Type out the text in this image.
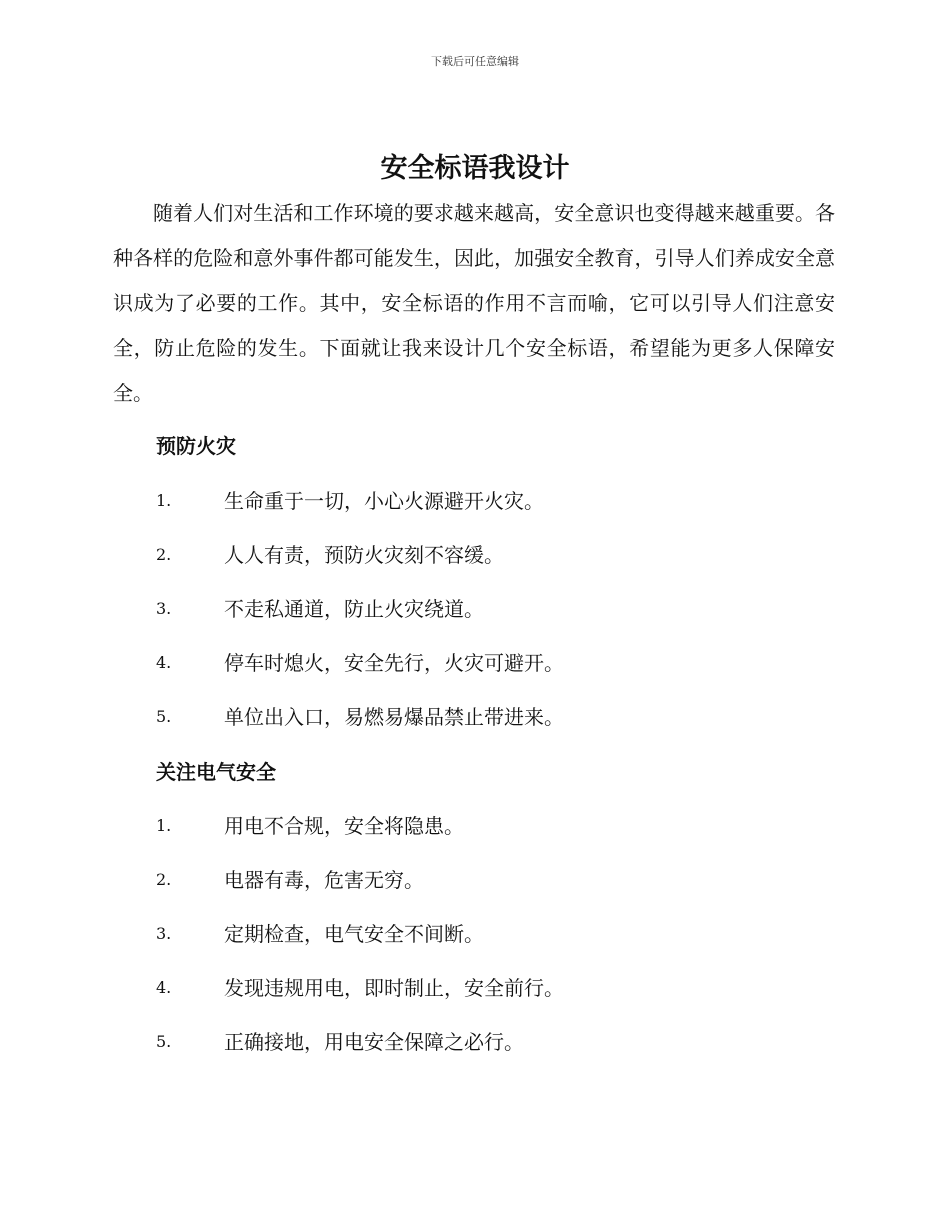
下载后可任意编辑
安全标语我设计

随着人们对生活和工作环境的要求越来越高，安全意识也变得越来越重要。各种各样的危险和意外事件都可能发生，因此，加强安全教育，引导人们养成安全意识成为了必要的工作。其中，安全标语的作用不言而喻，它可以引导人们注意安全，防止危险的发生。下面就让我来设计几个安全标语，希望能为更多人保障安全。

预防火灾
1.	生命重于一切，小心火源避开火灾。
2.	人人有责，预防火灾刻不容缓。
3.	不走私通道，防止火灾绕道。
4.	停车时熄火，安全先行，火灾可避开。
5.	单位出入口，易燃易爆品禁止带进来。
关注电气安全
1.	用电不合规，安全将隐患。
2.	电器有毒，危害无穷。
3.	定期检查，电气安全不间断。
4.	发现违规用电，即时制止，安全前行。
5.	正确接地，用电安全保障之必行。
